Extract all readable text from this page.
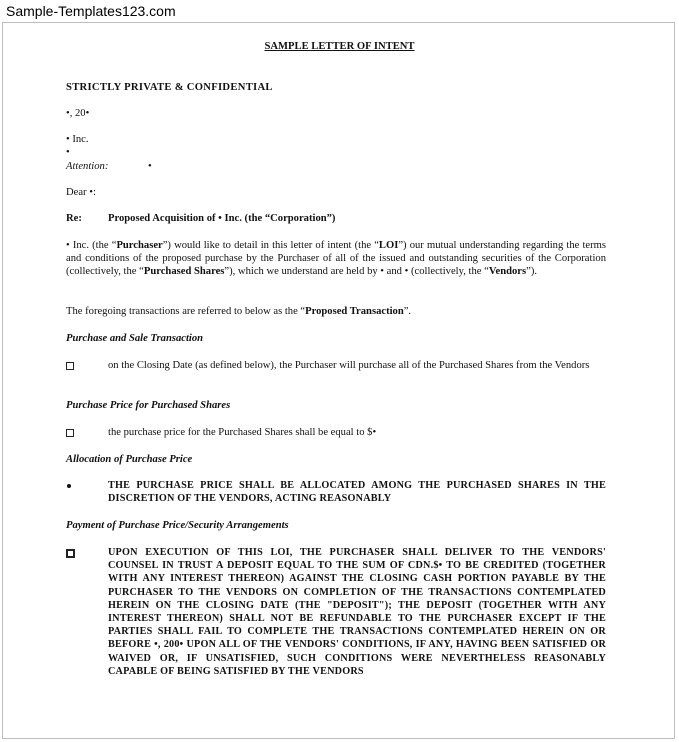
Sample-Templates123.com
SAMPLE LETTER OF INTENT
STRICTLY PRIVATE & CONFIDENTIAL
•, 20•
• Inc.
•
Attention:	•
Dear •:
Re: Proposed Acquisition of • Inc. (the “Corporation”)
• Inc. (the “Purchaser”) would like to detail in this letter of intent (the “LOI”) our mutual understanding regarding the terms and conditions of the proposed purchase by the Purchaser of all of the issued and outstanding securities of the Corporation (collectively, the “Purchased Shares”), which we understand are held by • and • (collectively, the “Vendors”).
The foregoing transactions are referred to below as the “Proposed Transaction”.
Purchase and Sale Transaction
on the Closing Date (as defined below), the Purchaser will purchase all of the Purchased Shares from the Vendors
Purchase Price for Purchased Shares
the purchase price for the Purchased Shares shall be equal to $•
Allocation of Purchase Price
THE PURCHASE PRICE SHALL BE ALLOCATED AMONG THE PURCHASED SHARES IN THE DISCRETION OF THE VENDORS, ACTING REASONABLY
Payment of Purchase Price/Security Arrangements
UPON EXECUTION OF THIS LOI, THE PURCHASER SHALL DELIVER TO THE VENDORS' COUNSEL IN TRUST A DEPOSIT EQUAL TO THE SUM OF CDN.$• TO BE CREDITED (TOGETHER WITH ANY INTEREST THEREON) AGAINST THE CLOSING CASH PORTION PAYABLE BY THE PURCHASER TO THE VENDORS ON COMPLETION OF THE TRANSACTIONS CONTEMPLATED HEREIN ON THE CLOSING DATE (THE "DEPOSIT"); THE DEPOSIT (TOGETHER WITH ANY INTEREST THEREON) SHALL NOT BE REFUNDABLE TO THE PURCHASER EXCEPT IF THE PARTIES SHALL FAIL TO COMPLETE THE TRANSACTIONS CONTEMPLATED HEREIN ON OR BEFORE •, 200• UPON ALL OF THE VENDORS' CONDITIONS, IF ANY, HAVING BEEN SATISFIED OR WAIVED OR, IF UNSATISFIED, SUCH CONDITIONS WERE NEVERTHELESS REASONABLY CAPABLE OF BEING SATISFIED BY THE VENDORS
